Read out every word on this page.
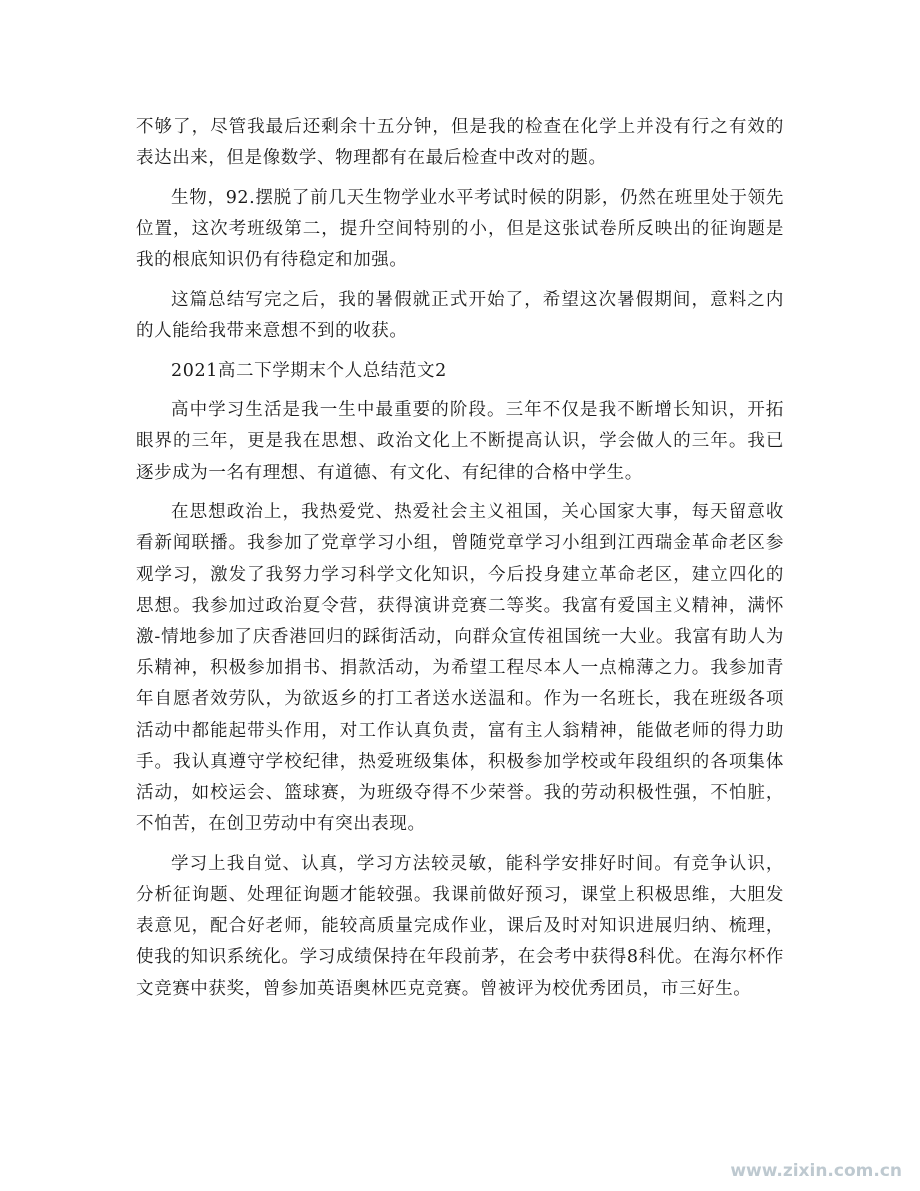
不够了，尽管我最后还剩余十五分钟，但是我的检查在化学上并没有行之有效的表达出来，但是像数学、物理都有在最后检查中改对的题。

生物，92.摆脱了前几天生物学业水平考试时候的阴影，仍然在班里处于领先位置，这次考班级第二，提升空间特别的小，但是这张试卷所反映出的征询题是我的根底知识仍有待稳定和加强。

这篇总结写完之后，我的暑假就正式开始了，希望这次暑假期间，意料之内的人能给我带来意想不到的收获。

2021高二下学期末个人总结范文2

高中学习生活是我一生中最重要的阶段。三年不仅是我不断增长知识，开拓眼界的三年，更是我在思想、政治文化上不断提高认识，学会做人的三年。我已逐步成为一名有理想、有道德、有文化、有纪律的合格中学生。

在思想政治上，我热爱党、热爱社会主义祖国，关心国家大事，每天留意收看新闻联播。我参加了党章学习小组，曾随党章学习小组到江西瑞金革命老区参观学习，激发了我努力学习科学文化知识，今后投身建立革命老区，建立四化的思想。我参加过政治夏令营，获得演讲竞赛二等奖。我富有爱国主义精神，满怀激-情地参加了庆香港回归的踩街活动，向群众宣传祖国统一大业。我富有助人为乐精神，积极参加捐书、捐款活动，为希望工程尽本人一点棉薄之力。我参加青年自愿者效劳队，为欲返乡的打工者送水送温和。作为一名班长，我在班级各项活动中都能起带头作用，对工作认真负责，富有主人翁精神，能做老师的得力助手。我认真遵守学校纪律，热爱班级集体，积极参加学校或年段组织的各项集体活动，如校运会、篮球赛，为班级夺得不少荣誉。我的劳动积极性强，不怕脏，不怕苦，在创卫劳动中有突出表现。

学习上我自觉、认真，学习方法较灵敏，能科学安排好时间。有竞争认识，分析征询题、处理征询题才能较强。我课前做好预习，课堂上积极思维，大胆发表意见，配合好老师，能较高质量完成作业，课后及时对知识进展归纳、梳理，使我的知识系统化。学习成绩保持在年段前茅，在会考中获得8科优。在海尔杯作文竞赛中获奖，曾参加英语奥林匹克竞赛。曾被评为校优秀团员，市三好生。

www.zixin.com.cn
